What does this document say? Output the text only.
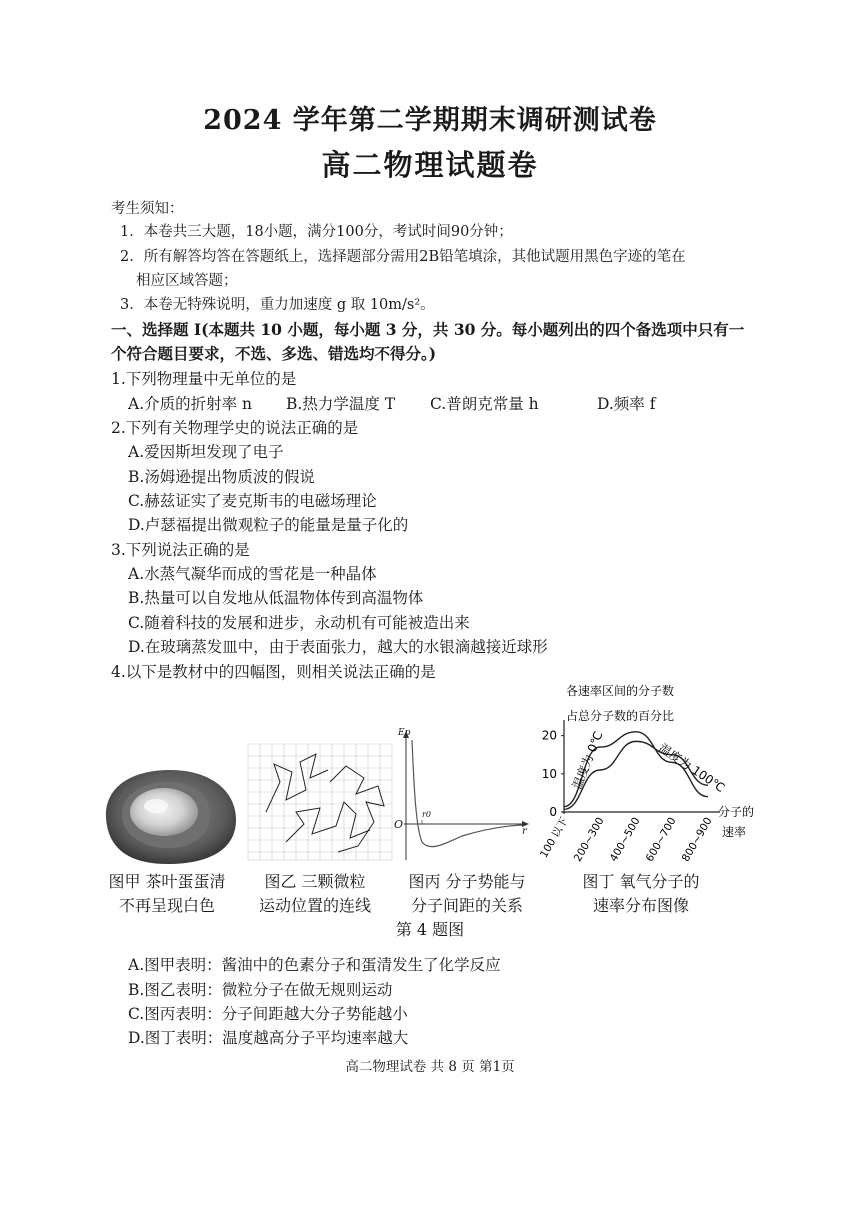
2024 学年第二学期期末调研测试卷
高二物理试题卷
考生须知：
1．本卷共三大题，18小题，满分100分，考试时间90分钟；
2．所有解答均答在答题纸上，选择题部分需用2B铅笔填涂，其他试题用黑色字迹的笔在
相应区域答题；
3．本卷无特殊说明，重力加速度 g 取 10m/s²。
一、选择题 I(本题共 10 小题，每小题 3 分，共 30 分。每小题列出的四个备选项中只有一
个符合题目要求，不选、多选、错选均不得分。)
1.下列物理量中无单位的是
A.介质的折射率 n B.热力学温度 T C.普朗克常量 h	D.频率 f
2.下列有关物理学史的说法正确的是
A.爱因斯坦发现了电子
B.汤姆逊提出物质波的假说
C.赫兹证实了麦克斯韦的电磁场理论
D.卢瑟福提出微观粒子的能量是量子化的
3.下列说法正确的是
A.水蒸气凝华而成的雪花是一种晶体
B.热量可以自发地从低温物体传到高温物体
C.随着科技的发展和进步，永动机有可能被造出来
D.在玻璃蒸发皿中，由于表面张力，越大的水银滴越接近球形
4.以下是教材中的四幅图，则相关说法正确的是
Ep
O
r0
r
各速率区间的分子数
占总分子数的百分比
0
10
20
100 以下 200~300 400~500 600~700 800~900
分子的
速率
温度为 0℃	温度为 100℃
图甲 茶叶蛋蛋清
不再呈现白色
图乙 三颗微粒
运动位置的连线
图丙 分子势能与
分子间距的关系
图丁 氧气分子的
速率分布图像
第 4 题图
A.图甲表明：酱油中的色素分子和蛋清发生了化学反应
B.图乙表明：微粒分子在做无规则运动
C.图丙表明：分子间距越大分子势能越小
D.图丁表明：温度越高分子平均速率越大
高二物理试卷 共 8 页 第1页
